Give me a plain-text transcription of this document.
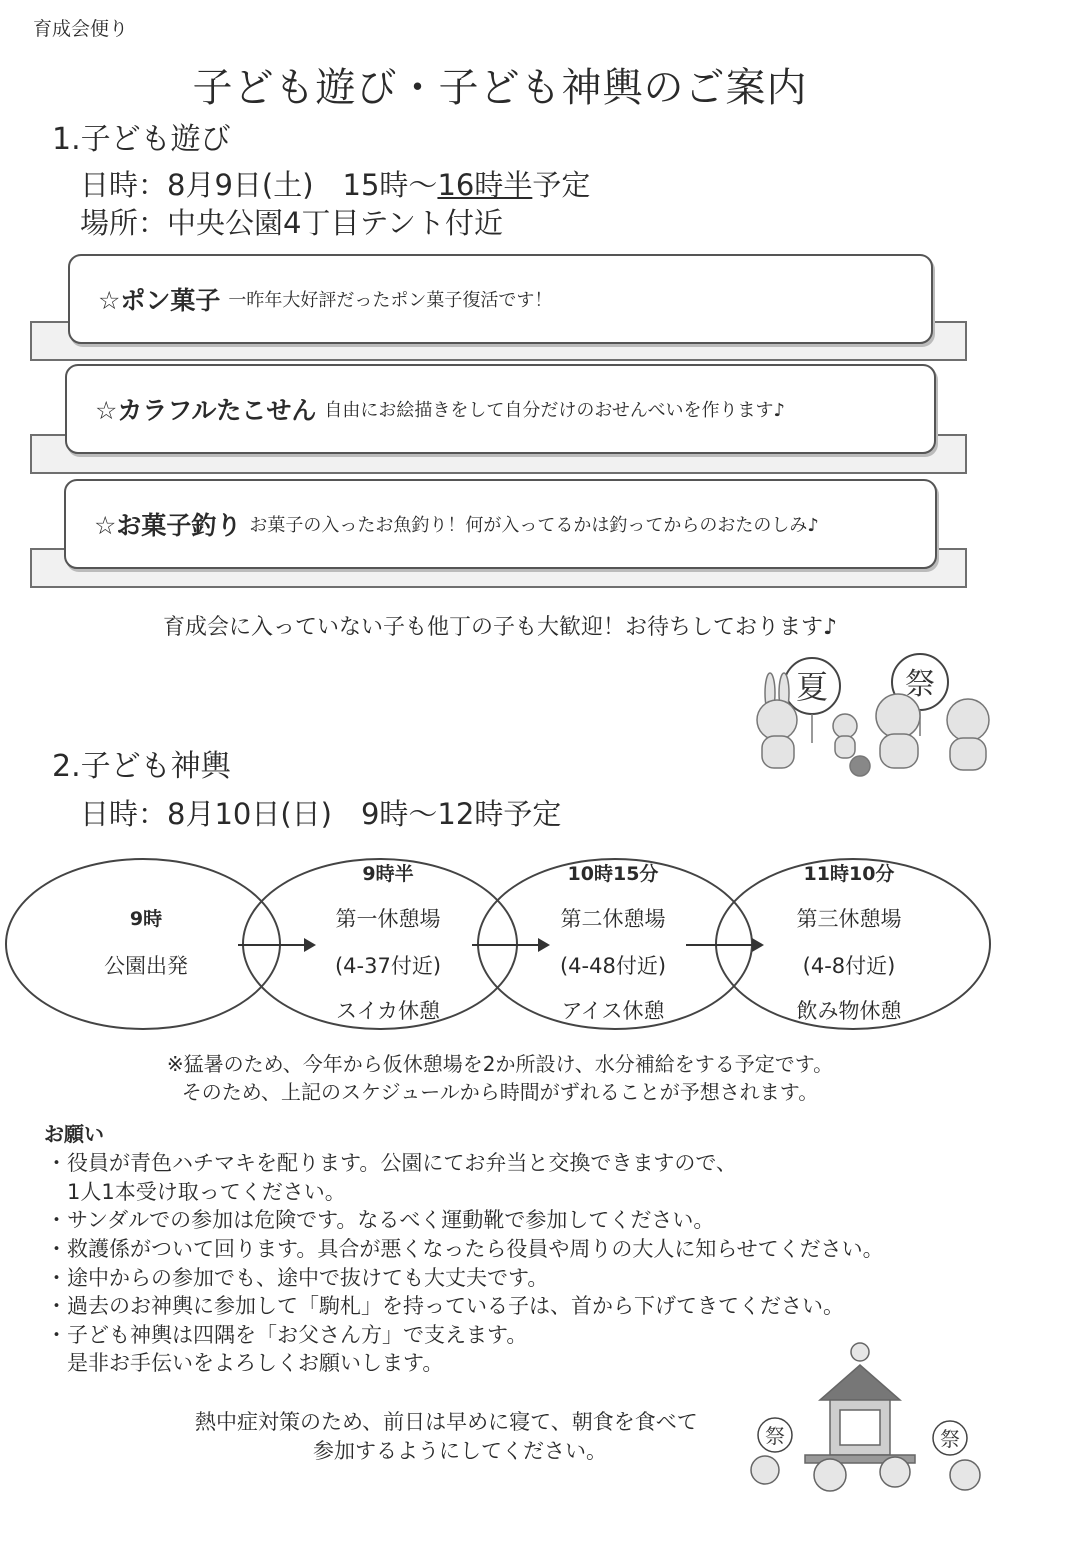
育成会便り
子ども遊び・子ども神輿のご案内
1.子ども遊び
日時：8月9日(土)　15時～16時半予定
場所：中央公園4丁目テント付近
☆ポン菓子 一昨年大好評だったポン菓子復活です！
☆カラフルたこせん 自由にお絵描きをして自分だけのおせんべいを作ります♪
☆お菓子釣り お菓子の入ったお魚釣り！何が入ってるかは釣ってからのおたのしみ♪
育成会に入っていない子も他丁の子も大歓迎！お待ちしております♪
夏	祭
2.子ども神輿
日時：8月10日(日)　9時～12時予定
9時
公園出発
9時半
第一休憩場
(4-37付近)
スイカ休憩
10時15分
第二休憩場
(4-48付近)
アイス休憩
11時10分
第三休憩場
(4-8付近)
飲み物休憩
※猛暑のため、今年から仮休憩場を2か所設け、水分補給をする予定です。
そのため、上記のスケジュールから時間がずれることが予想されます。
お願い
・役員が青色ハチマキを配ります。公園にてお弁当と交換できますので、
　1人1本受け取ってください。
・サンダルでの参加は危険です。なるべく運動靴で参加してください。
・救護係がついて回ります。具合が悪くなったら役員や周りの大人に知らせてください。
・途中からの参加でも、途中で抜けても大丈夫です。
・過去のお神輿に参加して「駒札」を持っている子は、首から下げてきてください。
・子ども神輿は四隅を「お父さん方」で支えます。
　是非お手伝いをよろしくお願いします。
熱中症対策のため、前日は早めに寝て、朝食を食べて
参加するようにしてください。
祭	祭
